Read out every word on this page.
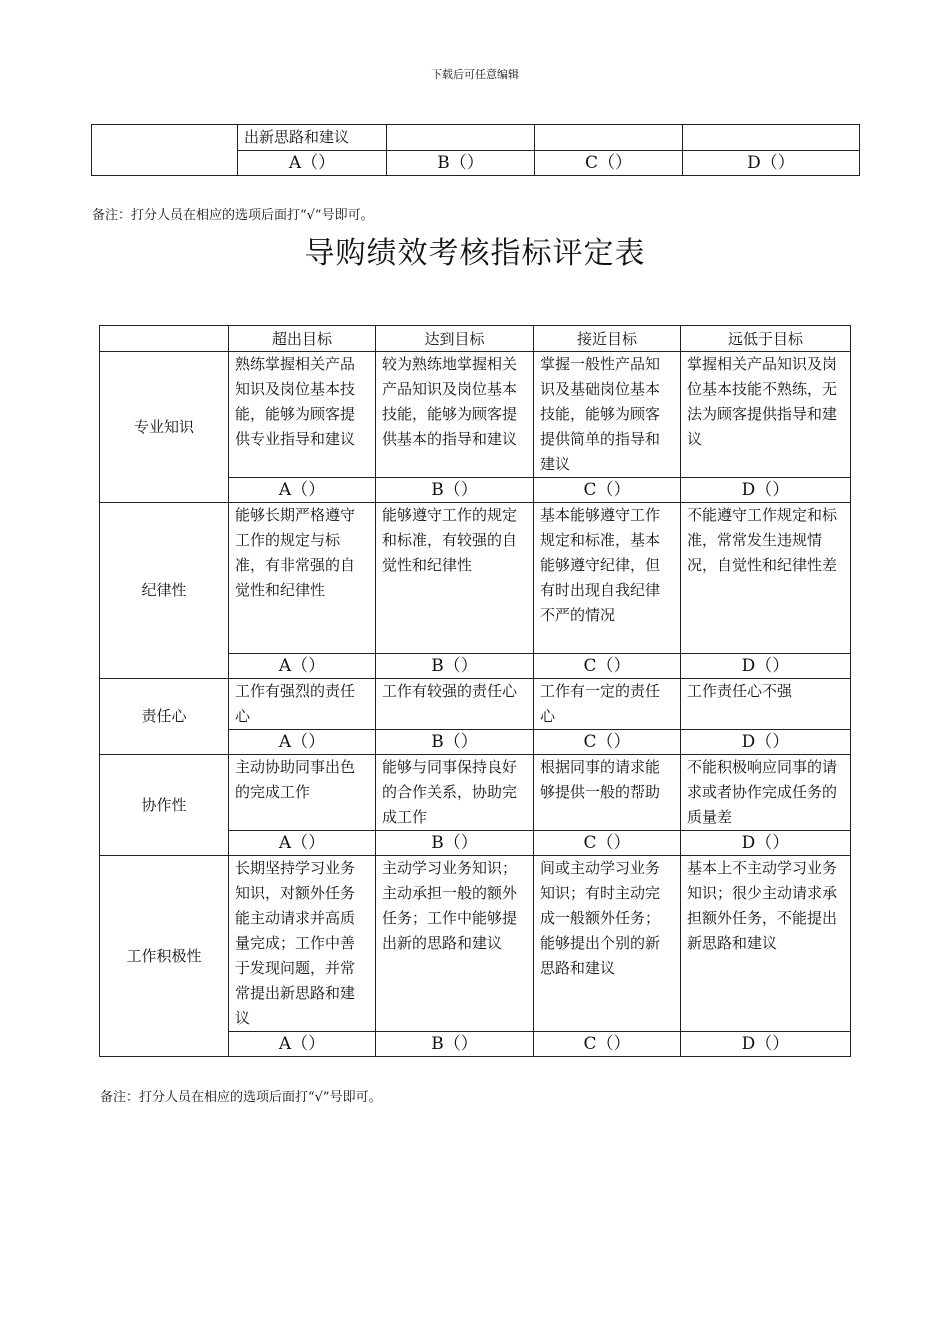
下载后可任意编辑
	出新思路和建议			
	A（）	B（）	C（）	D（）
备注：打分人员在相应的选项后面打“√”号即可。
导购绩效考核指标评定表
	超出目标	达到目标	接近目标	远低于目标
专业知识	熟练掌握相关产品知识及岗位基本技能，能够为顾客提供专业指导和建议	较为熟练地掌握相关产品知识及岗位基本技能，能够为顾客提供基本的指导和建议	掌握一般性产品知识及基础岗位基本技能，能够为顾客提供简单的指导和建议	掌握相关产品知识及岗位基本技能不熟练，无法为顾客提供指导和建议
	A（）	B（）	C（）	D（）
纪律性	能够长期严格遵守工作的规定与标准，有非常强的自觉性和纪律性	能够遵守工作的规定和标准，有较强的自觉性和纪律性	基本能够遵守工作规定和标准，基本能够遵守纪律，但有时出现自我纪律不严的情况	不能遵守工作规定和标准，常常发生违规情况，自觉性和纪律性差
	A（）	B（）	C（）	D（）
责任心	工作有强烈的责任心	工作有较强的责任心	工作有一定的责任心	工作责任心不强
	A（）	B（）	C（）	D（）
协作性	主动协助同事出色的完成工作	能够与同事保持良好的合作关系，协助完成工作	根据同事的请求能够提供一般的帮助	不能积极响应同事的请求或者协作完成任务的质量差
	A（）	B（）	C（）	D（）
工作积极性	长期坚持学习业务知识，对额外任务能主动请求并高质量完成；工作中善于发现问题，并常常提出新思路和建议	主动学习业务知识；主动承担一般的额外任务；工作中能够提出新的思路和建议	间或主动学习业务知识；有时主动完成一般额外任务；能够提出个别的新思路和建议	基本上不主动学习业务知识；很少主动请求承担额外任务，不能提出新思路和建议
	A（）	B（）	C（）	D（）
备注：打分人员在相应的选项后面打“√”号即可。
